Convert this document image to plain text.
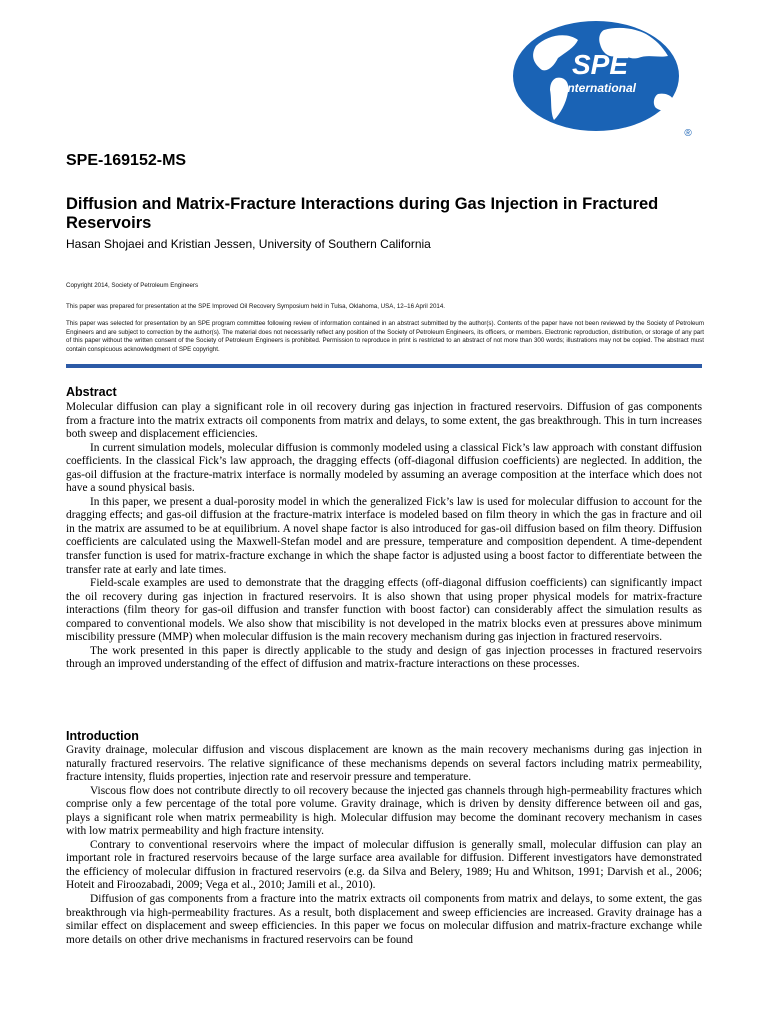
SPE
International
®
SPE-169152-MS
Diffusion and Matrix-Fracture Interactions during Gas Injection in Fractured Reservoirs
Hasan Shojaei and Kristian Jessen, University of Southern California
Copyright 2014, Society of Petroleum Engineers
This paper was prepared for presentation at the SPE Improved Oil Recovery Symposium held in Tulsa, Oklahoma, USA, 12–16 April 2014.
This paper was selected for presentation by an SPE program committee following review of information contained in an abstract submitted by the author(s). Contents of the paper have not been reviewed by the Society of Petroleum Engineers and are subject to correction by the author(s). The material does not necessarily reflect any position of the Society of Petroleum Engineers, its officers, or members. Electronic reproduction, distribution, or storage of any part of this paper without the written consent of the Society of Petroleum Engineers is prohibited. Permission to reproduce in print is restricted to an abstract of not more than 300 words; illustrations may not be copied. The abstract must contain conspicuous acknowledgment of SPE copyright.
Abstract

Molecular diffusion can play a significant role in oil recovery during gas injection in fractured reservoirs. Diffusion of gas components from a fracture into the matrix extracts oil components from matrix and delays, to some extent, the gas breakthrough. This in turn increases both sweep and displacement efficiencies.

In current simulation models, molecular diffusion is commonly modeled using a classical Fick’s law approach with constant diffusion coefficients. In the classical Fick’s law approach, the dragging effects (off-diagonal diffusion coefficients) are neglected. In addition, the gas-oil diffusion at the fracture-matrix interface is normally modeled by assuming an average composition at the interface which does not have a sound physical basis.

In this paper, we present a dual-porosity model in which the generalized Fick’s law is used for molecular diffusion to account for the dragging effects; and gas-oil diffusion at the fracture-matrix interface is modeled based on film theory in which the gas in fracture and oil in the matrix are assumed to be at equilibrium. A novel shape factor is also introduced for gas-oil diffusion based on film theory. Diffusion coefficients are calculated using the Maxwell-Stefan model and are pressure, temperature and composition dependent. A time-dependent transfer function is used for matrix-fracture exchange in which the shape factor is adjusted using a boost factor to differentiate between the transfer rate at early and late times.

Field-scale examples are used to demonstrate that the dragging effects (off-diagonal diffusion coefficients) can significantly impact the oil recovery during gas injection in fractured reservoirs. It is also shown that using proper physical models for matrix-fracture interactions (film theory for gas-oil diffusion and transfer function with boost factor) can considerably affect the simulation results as compared to conventional models. We also show that miscibility is not developed in the matrix blocks even at pressures above minimum miscibility pressure (MMP) when molecular diffusion is the main recovery mechanism during gas injection in fractured reservoirs.

The work presented in this paper is directly applicable to the study and design of gas injection processes in fractured reservoirs through an improved understanding of the effect of diffusion and matrix-fracture interactions on these processes.

Introduction

Gravity drainage, molecular diffusion and viscous displacement are known as the main recovery mechanisms during gas injection in naturally fractured reservoirs. The relative significance of these mechanisms depends on several factors including matrix permeability, fracture intensity, fluids properties, injection rate and reservoir pressure and temperature.

Viscous flow does not contribute directly to oil recovery because the injected gas channels through high-permeability fractures which comprise only a few percentage of the total pore volume. Gravity drainage, which is driven by density difference between oil and gas, plays a significant role when matrix permeability is high. Molecular diffusion may become the dominant recovery mechanism in cases with low matrix permeability and high fracture intensity.

Contrary to conventional reservoirs where the impact of molecular diffusion is generally small, molecular diffusion can play an important role in fractured reservoirs because of the large surface area available for diffusion. Different investigators have demonstrated the efficiency of molecular diffusion in fractured reservoirs (e.g. da Silva and Belery, 1989; Hu and Whitson, 1991; Darvish et al., 2006; Hoteit and Firoozabadi, 2009; Vega et al., 2010; Jamili et al., 2010).

Diffusion of gas components from a fracture into the matrix extracts oil components from matrix and delays, to some extent, the gas breakthrough via high-permeability fractures. As a result, both displacement and sweep efficiencies are increased. Gravity drainage has a similar effect on displacement and sweep efficiencies. In this paper we focus on molecular diffusion and matrix-fracture exchange while more details on other drive mechanisms in fractured reservoirs can be found
